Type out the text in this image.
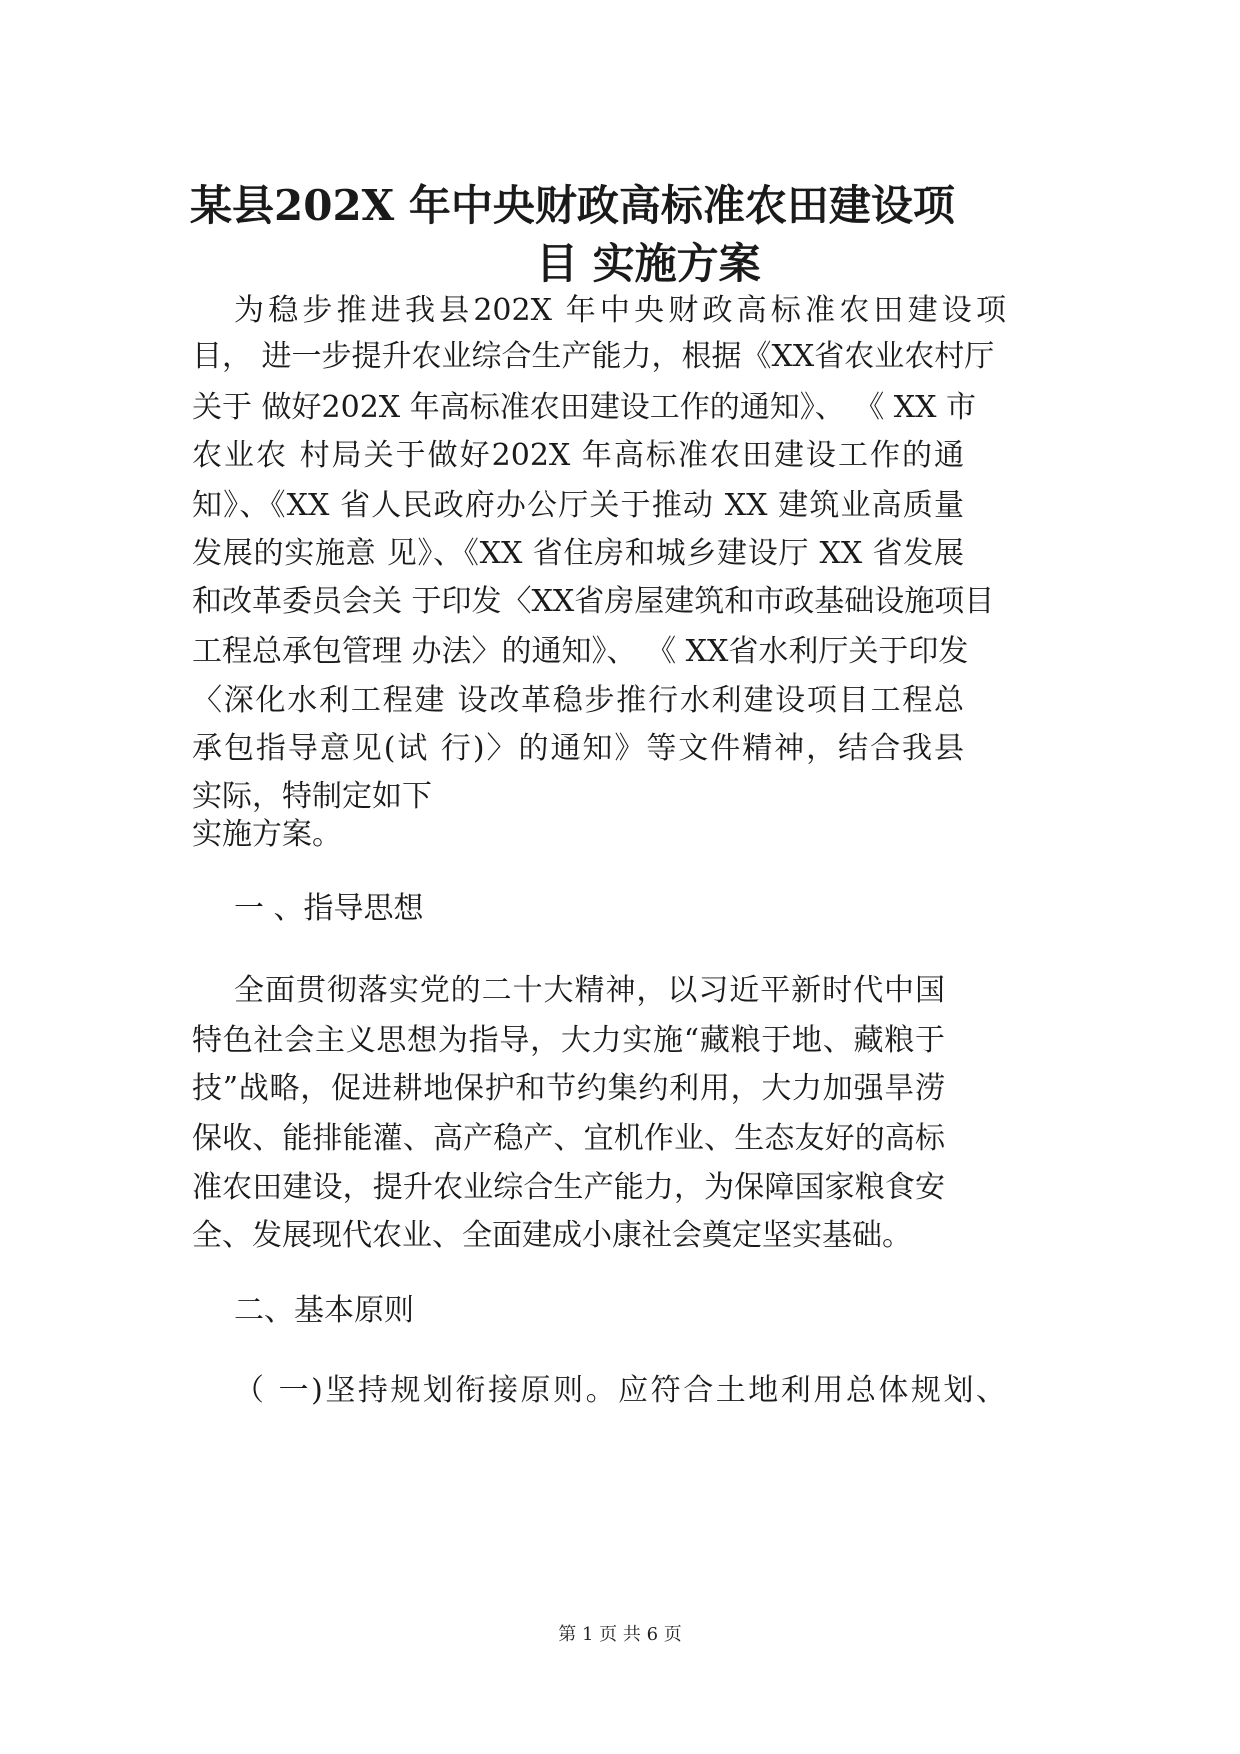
某县202X 年中央财政高标准农田建设项
目 实施方案
为稳步推进我县202X 年中央财政高标准农田建设项
目， 进一步提升农业综合生产能力，根据《XX省农业农村厅
关于 做好202X 年高标准农田建设工作的通知》、 《 XX 市
农业农 村局关于做好202X 年高标准农田建设工作的通
知》、《XX 省人民政府办公厅关于推动 XX 建筑业高质量
发展的实施意 见》、《XX 省住房和城乡建设厅 XX 省发展
和改革委员会关 于印发〈XX省房屋建筑和市政基础设施项目
工程总承包管理 办法〉的通知》、 《 XX省水利厅关于印发
〈深化水利工程建 设改革稳步推行水利建设项目工程总
承包指导意见(试 行)〉的通知》等文件精神，结合我县
实际，特制定如下
实施方案。
一 、指导思想
全面贯彻落实党的二十大精神，以习近平新时代中国
特色社会主义思想为指导，大力实施“藏粮于地、藏粮于
技”战略，促进耕地保护和节约集约利用，大力加强旱涝
保收、能排能灌、高产稳产、宜机作业、生态友好的高标
准农田建设，提升农业综合生产能力，为保障国家粮食安
全、发展现代农业、全面建成小康社会奠定坚实基础。
二、基本原则
（ 一)坚持规划衔接原则。应符合土地利用总体规划、
第 1 页 共 6 页
